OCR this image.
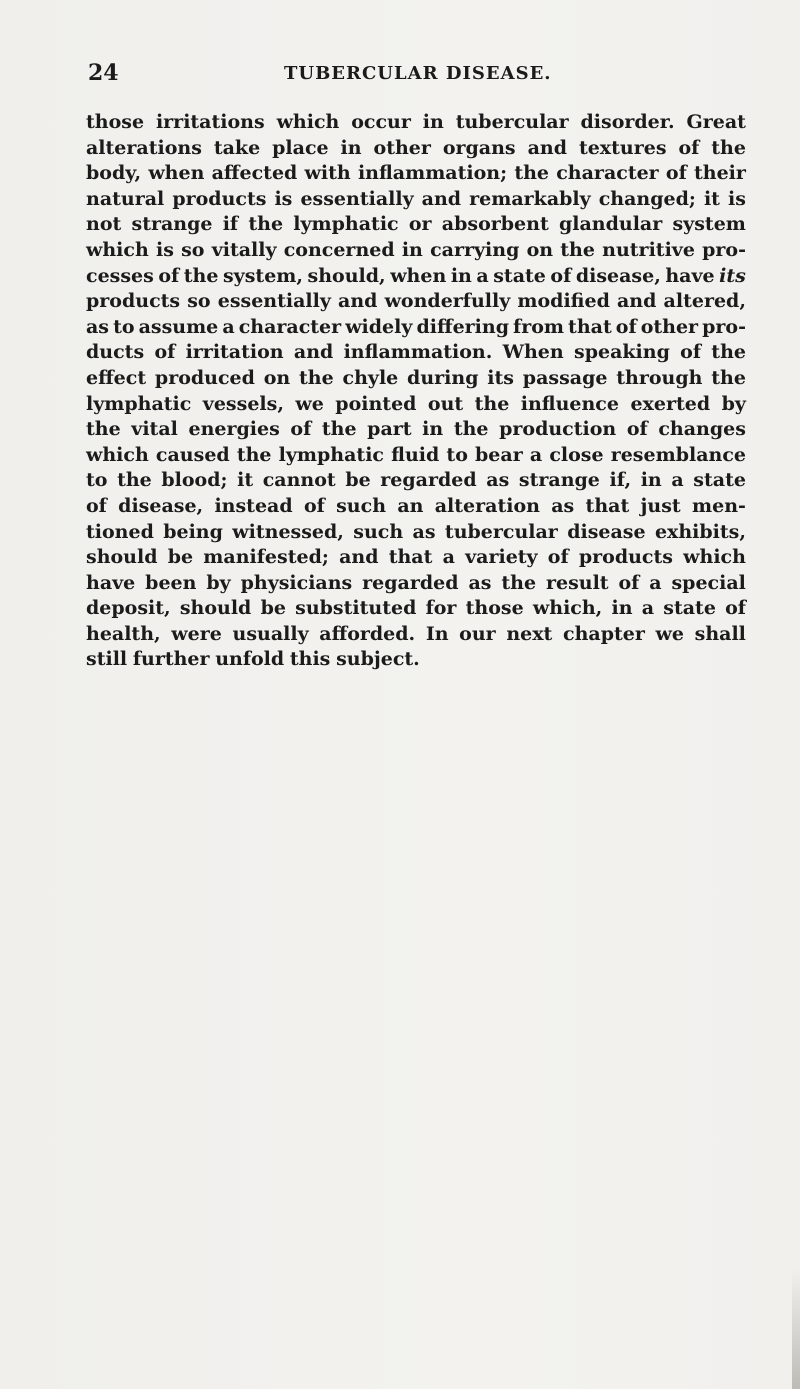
24	TUBERCULAR DISEASE.
those irritations which occur in tubercular disorder. Great
alterations take place in other organs and textures of the
body, when affected with inflammation; the character of their
natural products is essentially and remarkably changed; it is
not strange if the lymphatic or absorbent glandular system
which is so vitally concerned in carrying on the nutritive pro-
cesses of the system, should, when in a state of disease, have its
products so essentially and wonderfully modified and altered,
as to assume a character widely differing from that of other pro-
ducts of irritation and inflammation. When speaking of the
effect produced on the chyle during its passage through the
lymphatic vessels, we pointed out the influence exerted by
the vital energies of the part in the production of changes
which caused the lymphatic fluid to bear a close resemblance
to the blood; it cannot be regarded as strange if, in a state
of disease, instead of such an alteration as that just men-
tioned being witnessed, such as tubercular disease exhibits,
should be manifested; and that a variety of products which
have been by physicians regarded as the result of a special
deposit, should be substituted for those which, in a state of
health, were usually afforded. In our next chapter we shall
still further unfold this subject.
